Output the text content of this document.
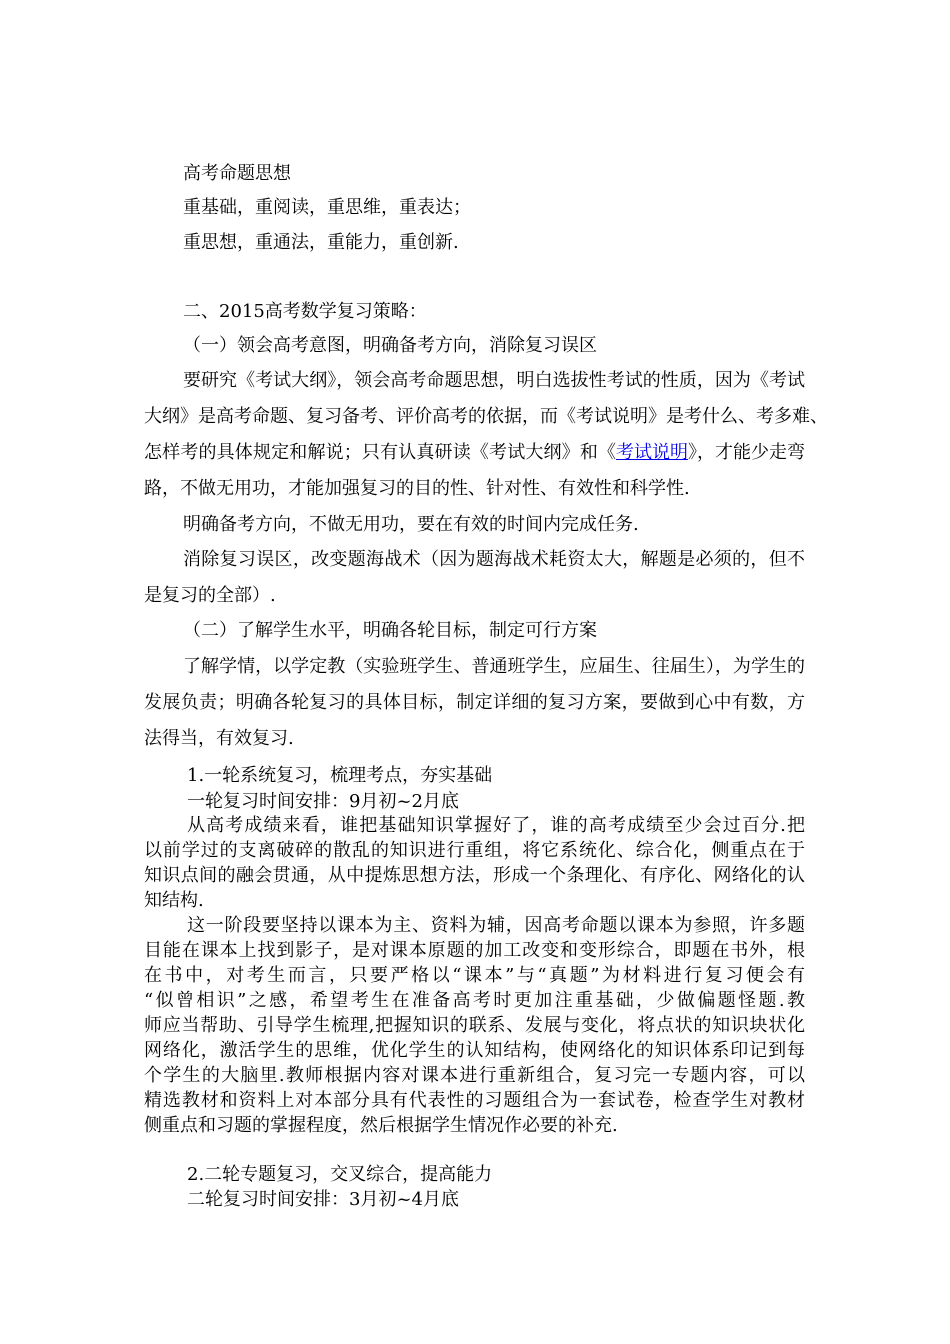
高考命题思想
重基础，重阅读，重思维，重表达；
重思想，重通法，重能力，重创新.
二、2015高考数学复习策略：
（一）领会高考意图，明确备考方向，消除复习误区
要研究《考试大纲》，领会高考命题思想，明白选拔性考试的性质，因为《考试
大纲》是高考命题、复习备考、评价高考的依据，而《考试说明》是考什么、考多难、
怎样考的具体规定和解说；只有认真研读《考试大纲》和《 考试说明 》，才能少走弯
路，不做无用功，才能加强复习的目的性、针对性、有效性和科学性.
明确备考方向，不做无用功，要在有效的时间内完成任务.
消除复习误区，改变题海战术（因为题海战术耗资太大，解题是必须的，但不
是复习的全部）.
（二）了解学生水平，明确各轮目标，制定可行方案
了解学情，以学定教（实验班学生、普通班学生，应届生、往届生），为学生的
发展负责；明确各轮复习的具体目标，制定详细的复习方案，要做到心中有数，方
法得当，有效复习.
1.一轮系统复习，梳理考点，夯实基础
一轮复习时间安排：9月初~2月底
从高考成绩来看，谁把基础知识掌握好了，谁的高考成绩至少会过百分.把
以前学过的支离破碎的散乱的知识进行重组，将它系统化、综合化，侧重点在于
知识点间的融会贯通，从中提炼思想方法，形成一个条理化、有序化、网络化的认
知结构.
这一阶段要坚持以课本为主、资料为辅，因高考命题以课本为参照，许多题
目能在课本上找到影子，是对课本原题的加工改变和变形综合，即题在书外，根
在书中，对考生而言，只要严格以“课本”与“真题”为材料进行复习便会有
“似曾相识”之感，希望考生在准备高考时更加注重基础，少做偏题怪题.教
师应当帮助、引导学生梳理,把握知识的联系、发展与变化，将点状的知识块状化
网络化，激活学生的思维，优化学生的认知结构，使网络化的知识体系印记到每
个学生的大脑里.教师根据内容对课本进行重新组合，复习完一专题内容，可以
精选教材和资料上对本部分具有代表性的习题组合为一套试卷，检查学生对教材
侧重点和习题的掌握程度，然后根据学生情况作必要的补充.
2.二轮专题复习，交叉综合，提高能力
二轮复习时间安排：3月初~4月底
